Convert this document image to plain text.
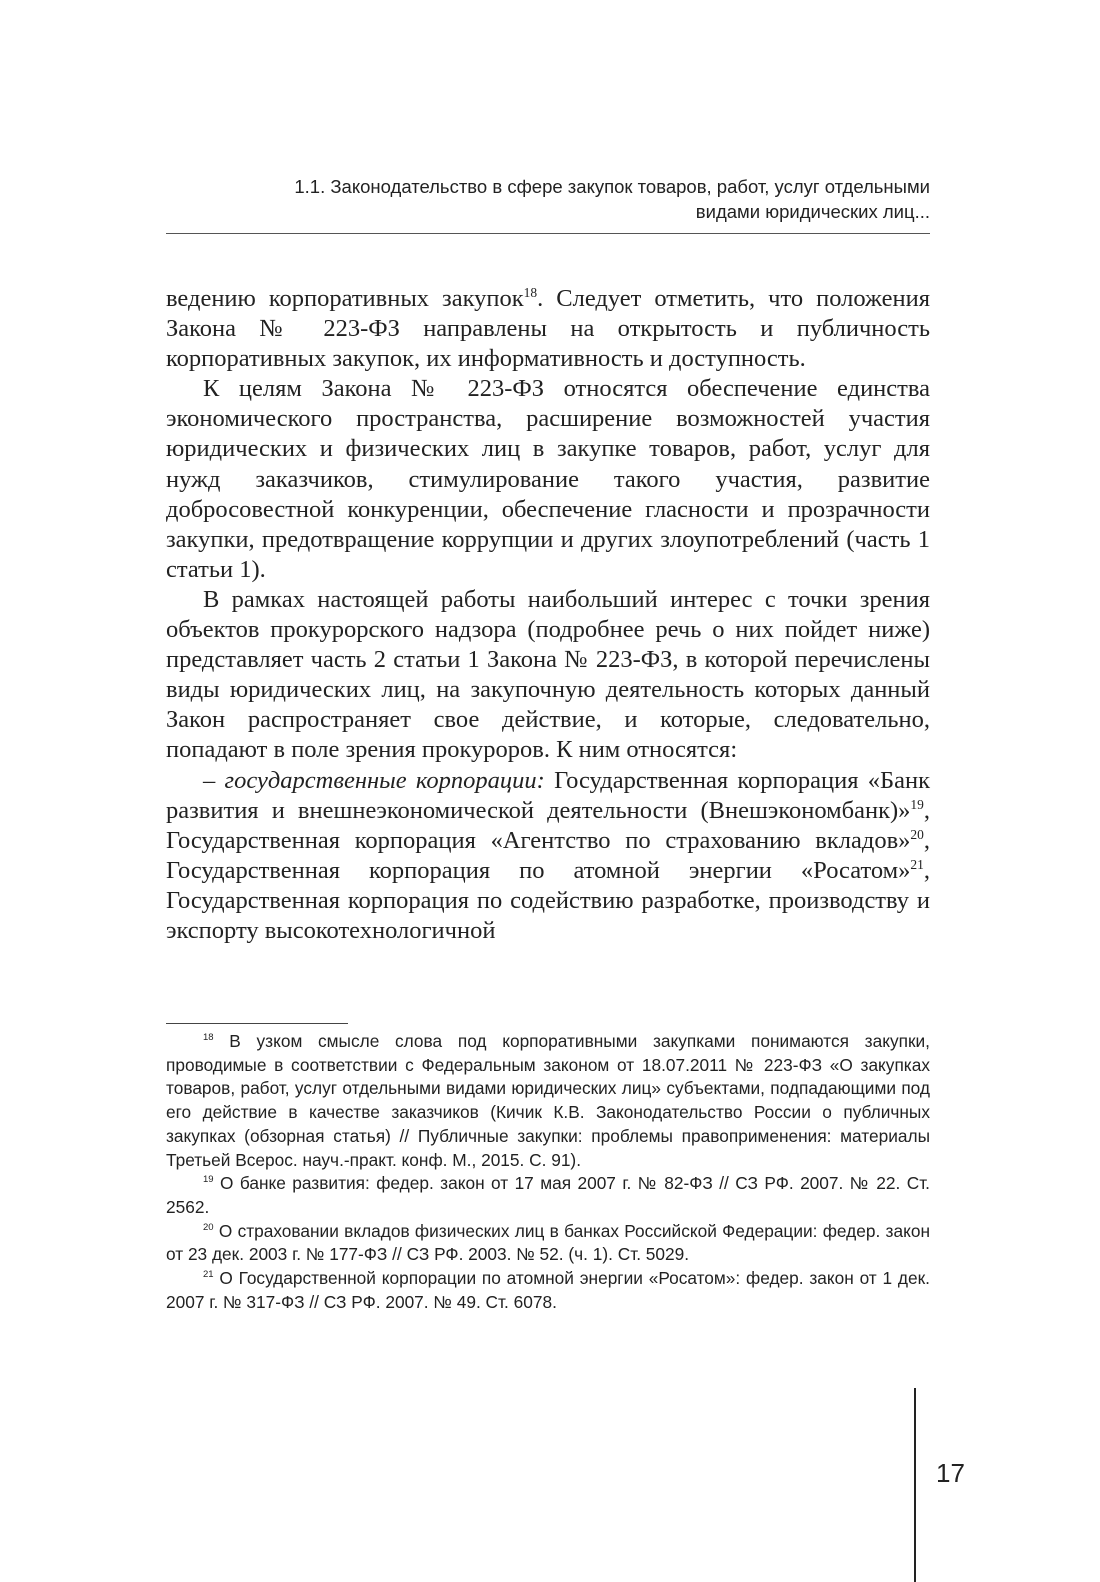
1.1. Законодательство в сфере закупок товаров, работ, услуг отдельными
видами юридических лиц...

ведению корпоративных закупок$^{18}$. Следует отметить, что положения Закона № 223-ФЗ направлены на открытость и публичность корпоративных закупок, их информативность и доступность.

К целям Закона № 223-ФЗ относятся обеспечение единства экономического пространства, расширение возможностей участия юридических и физических лиц в закупке товаров, работ, услуг для нужд заказчиков, стимулирование такого участия, развитие добросовестной конкуренции, обеспечение гласности и прозрачности закупки, предотвращение коррупции и других злоупотреблений (часть 1 статьи 1).

В рамках настоящей работы наибольший интерес с точки зрения объектов прокурорского надзора (подробнее речь о них пойдет ниже) представляет часть 2 статьи 1 Закона № 223-ФЗ, в которой перечислены виды юридических лиц, на закупочную деятельность которых данный Закон распространяет свое действие, и которые, следовательно, попадают в поле зрения прокуроров. К ним относятся:

– государственные корпорации: Государственная корпорация «Банк развития и внешнеэкономической деятельности (Внешэкономбанк)»$^{19}$, Государственная корпорация «Агентство по страхованию вкладов»$^{20}$, Государственная корпорация по атомной энергии «Росатом»$^{21}$, Государственная корпорация по содействию разработке, производству и экспорту высокотехнологичной

$^{18}$ В узком смысле слова под корпоративными закупками понимаются закупки, проводимые в соответствии с Федеральным законом от 18.07.2011 № 223-ФЗ «О закупках товаров, работ, услуг отдельными видами юридических лиц» субъектами, подпадающими под его действие в качестве заказчиков (Кичик К.В. Законодательство России о публичных закупках (обзорная статья) // Публичные закупки: проблемы правоприменения: материалы Третьей Всерос. науч.-практ. конф. М., 2015. С. 91).

$^{19}$ О банке развития: федер. закон от 17 мая 2007 г. № 82-ФЗ // СЗ РФ. 2007. № 22. Ст. 2562.

$^{20}$ О страховании вкладов физических лиц в банках Российской Федерации: федер. закон от 23 дек. 2003 г. № 177-ФЗ // СЗ РФ. 2003. № 52. (ч. 1). Ст. 5029.

$^{21}$ О Государственной корпорации по атомной энергии «Росатом»: федер. закон от 1 дек. 2007 г. № 317-ФЗ // СЗ РФ. 2007. № 49. Ст. 6078.

17
